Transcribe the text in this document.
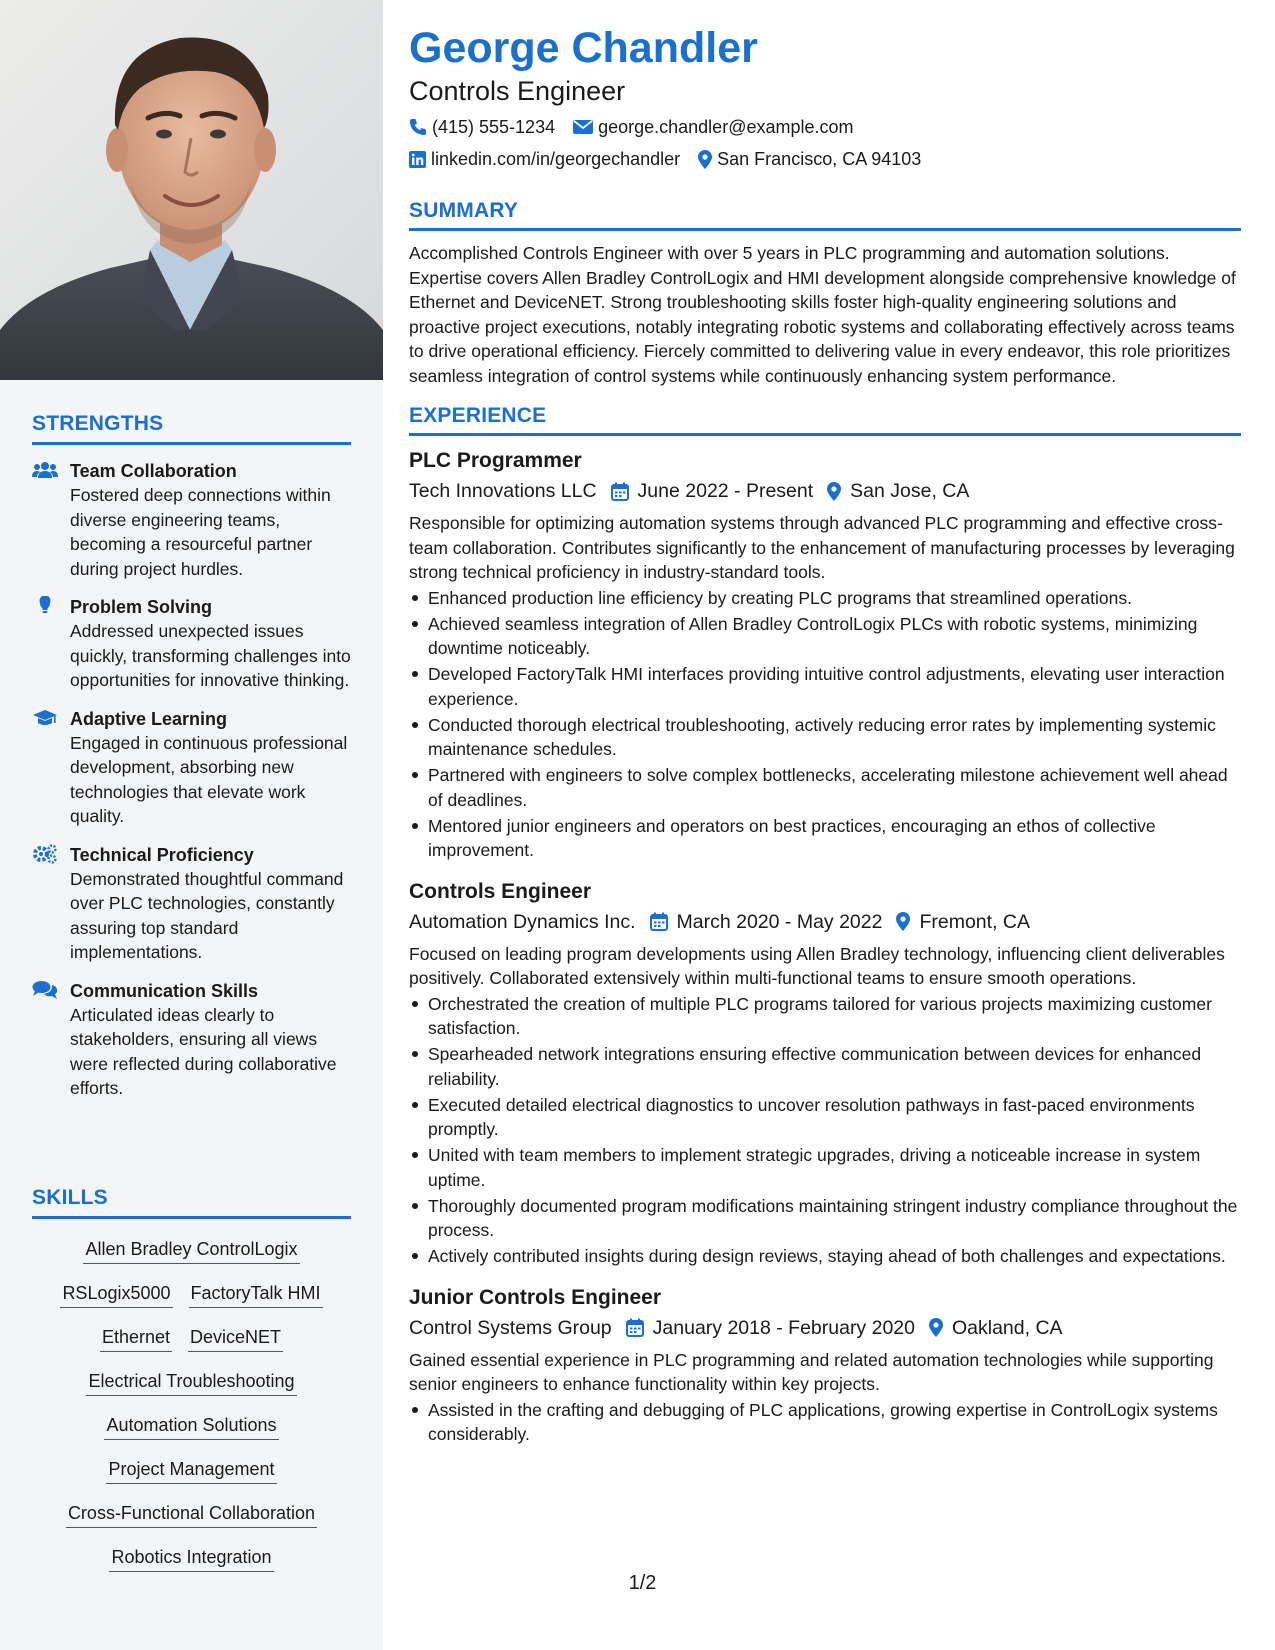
STRENGTHS
Team Collaboration
Fostered deep connections within diverse engineering teams, becoming a resourceful partner during project hurdles.
Problem Solving
Addressed unexpected issues quickly, transforming challenges into opportunities for innovative thinking.
Adaptive Learning
Engaged in continuous professional development, absorbing new technologies that elevate work quality.
Technical Proficiency
Demonstrated thoughtful command over PLC technologies, constantly assuring top standard implementations.
Communication Skills
Articulated ideas clearly to stakeholders, ensuring all views were reflected during collaborative efforts.
SKILLS
Allen Bradley ControlLogix
RSLogix5000 FactoryTalk HMI
Ethernet DeviceNET
Electrical Troubleshooting
Automation Solutions
Project Management
Cross-Functional Collaboration
Robotics Integration
George Chandler
Controls Engineer
(415) 555-1234 george.chandler@example.com
linkedin.com/in/georgechandler San Francisco, CA 94103
SUMMARY
Accomplished Controls Engineer with over 5 years in PLC programming and automation solutions. Expertise covers Allen Bradley ControlLogix and HMI development alongside comprehensive knowledge of Ethernet and DeviceNET. Strong troubleshooting skills foster high-quality engineering solutions and proactive project executions, notably integrating robotic systems and collaborating effectively across teams to drive operational efficiency. Fiercely committed to delivering value in every endeavor, this role prioritizes seamless integration of control systems while continuously enhancing system performance.
EXPERIENCE
PLC Programmer
Tech Innovations LLC June 2022 - Present San Jose, CA
Responsible for optimizing automation systems through advanced PLC programming and effective cross-team collaboration. Contributes significantly to the enhancement of manufacturing processes by leveraging strong technical proficiency in industry-standard tools.
Enhanced production line efficiency by creating PLC programs that streamlined operations.
Achieved seamless integration of Allen Bradley ControlLogix PLCs with robotic systems, minimizing downtime noticeably.
Developed FactoryTalk HMI interfaces providing intuitive control adjustments, elevating user interaction experience.
Conducted thorough electrical troubleshooting, actively reducing error rates by implementing systemic maintenance schedules.
Partnered with engineers to solve complex bottlenecks, accelerating milestone achievement well ahead of deadlines.
Mentored junior engineers and operators on best practices, encouraging an ethos of collective improvement.
Controls Engineer
Automation Dynamics Inc. March 2020 - May 2022 Fremont, CA
Focused on leading program developments using Allen Bradley technology, influencing client deliverables positively. Collaborated extensively within multi-functional teams to ensure smooth operations.
Orchestrated the creation of multiple PLC programs tailored for various projects maximizing customer satisfaction.
Spearheaded network integrations ensuring effective communication between devices for enhanced reliability.
Executed detailed electrical diagnostics to uncover resolution pathways in fast-paced environments promptly.
United with team members to implement strategic upgrades, driving a noticeable increase in system uptime.
Thoroughly documented program modifications maintaining stringent industry compliance throughout the process.
Actively contributed insights during design reviews, staying ahead of both challenges and expectations.
Junior Controls Engineer
Control Systems Group January 2018 - February 2020 Oakland, CA
Gained essential experience in PLC programming and related automation technologies while supporting senior engineers to enhance functionality within key projects.
Assisted in the crafting and debugging of PLC applications, growing expertise in ControlLogix systems considerably.
1/2
